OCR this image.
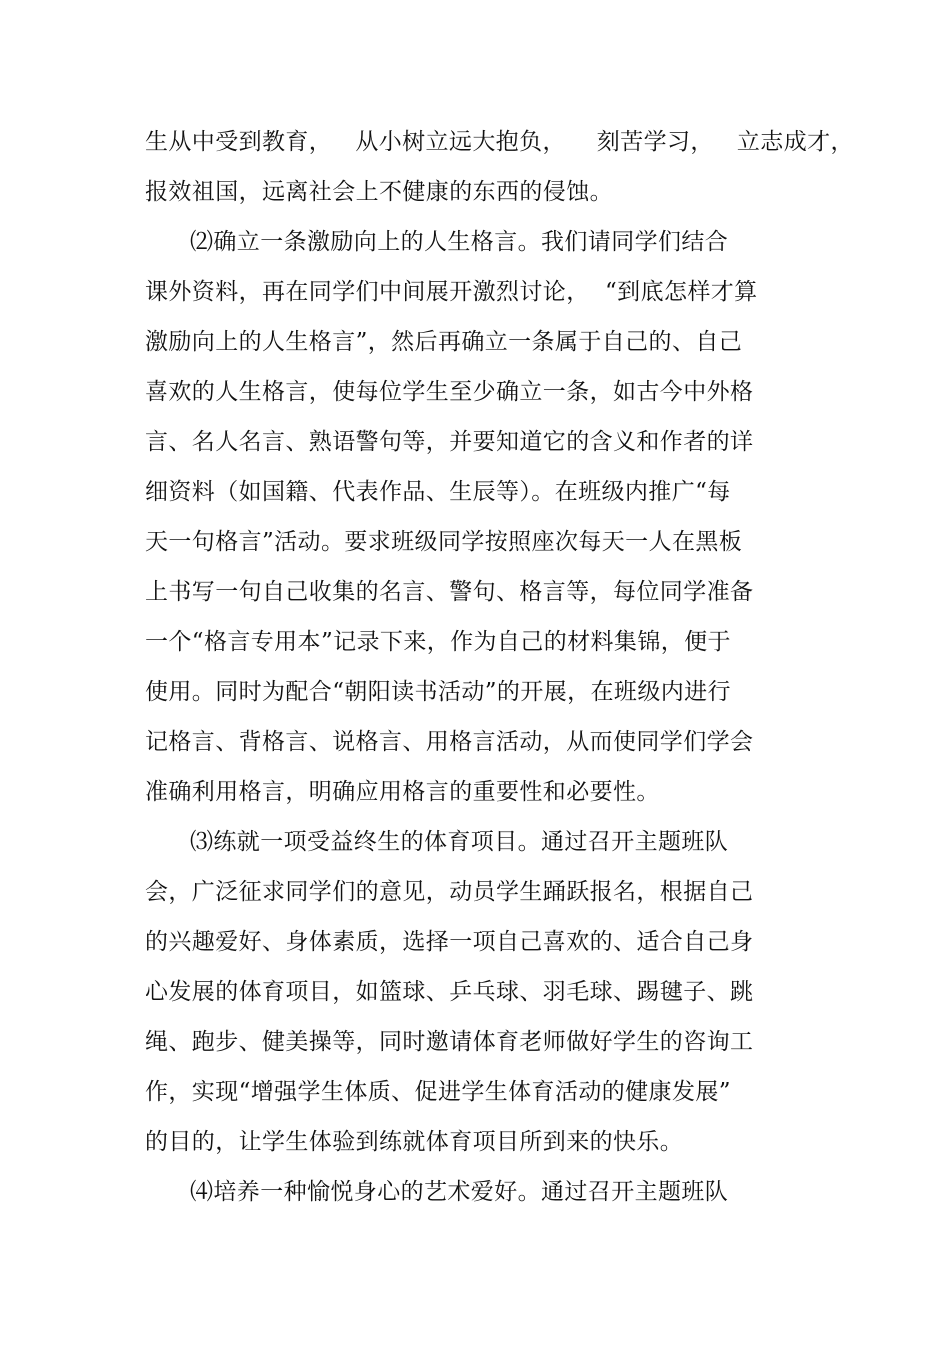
生从中受到教育，   从小树立远大抱负，    刻苦学习，   立志成才，
报效祖国，远离社会上不健康的东西的侵蚀。
⑵确立一条激励向上的人生格言。我们请同学们结合
课外资料，再在同学们中间展开激烈讨论，  “到底怎样才算
激励向上的人生格言”，然后再确立一条属于自己的、自己
喜欢的人生格言，使每位学生至少确立一条，如古今中外格
言、名人名言、熟语警句等，并要知道它的含义和作者的详
细资料（如国籍、代表作品、生辰等）。在班级内推广“每
天一句格言”活动。要求班级同学按照座次每天一人在黑板
上书写一句自己收集的名言、警句、格言等，每位同学准备
一个“格言专用本”记录下来，作为自己的材料集锦，便于
使用。同时为配合“朝阳读书活动”的开展，在班级内进行
记格言、背格言、说格言、用格言活动，从而使同学们学会
准确利用格言，明确应用格言的重要性和必要性。
⑶练就一项受益终生的体育项目。通过召开主题班队
会，广泛征求同学们的意见，动员学生踊跃报名，根据自己
的兴趣爱好、身体素质，选择一项自己喜欢的、适合自己身
心发展的体育项目，如篮球、乒乓球、羽毛球、踢毽子、跳
绳、跑步、健美操等，同时邀请体育老师做好学生的咨询工
作，实现“增强学生体质、促进学生体育活动的健康发展”
的目的，让学生体验到练就体育项目所到来的快乐。
⑷培养一种愉悦身心的艺术爱好。通过召开主题班队
